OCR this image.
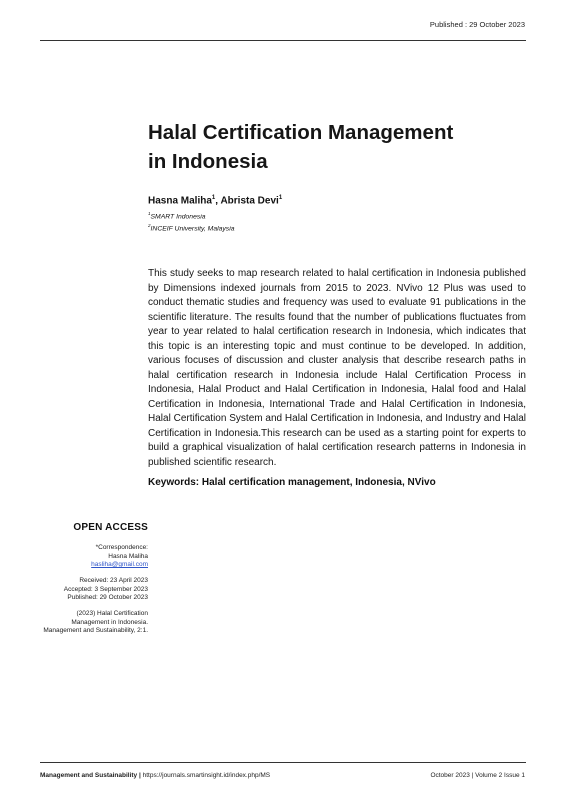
Published : 29 October 2023
Halal Certification Management
in Indonesia
Hasna Maliha$^1$, Abrista Devi$^1$
$^1$SMART Indonesia
$^2$INCEIF University, Malaysia

This study seeks to map research related to halal certification in Indonesia published by Dimensions indexed journals from 2015 to 2023. NVivo 12 Plus was used to conduct thematic studies and frequency was used to evaluate 91 publications in the scientific literature. The results found that the number of publications fluctuates from year to year related to halal certification research in Indonesia, which indicates that this topic is an interesting topic and must continue to be developed. In addition, various focuses of discussion and cluster analysis that describe research paths in halal certification research in Indonesia include Halal Certification Process in Indonesia, Halal Product and Halal Certification in Indonesia, Halal food and Halal Certification in Indonesia, International Trade and Halal Certification in Indonesia, Halal Certification System and Halal Certification in Indonesia, and Industry and Halal Certification in Indonesia.This research can be used as a starting point for experts to build a graphical visualization of halal certification research patterns in Indonesia in published scientific research.

Keywords: Halal certification management, Indonesia, NVivo
OPEN ACCESS
*Correspondence:
Hasna Maliha
hasliha@gmail.com
Received: 23 April 2023
Accepted: 3 September 2023
Published: 29 October 2023
(2023) Halal Certification Management in Indonesia. Management and Sustainability, 2:1.
Management and Sustainability | https://journals.smartinsight.id/index.php/MS	October 2023 | Volume 2 Issue 1
